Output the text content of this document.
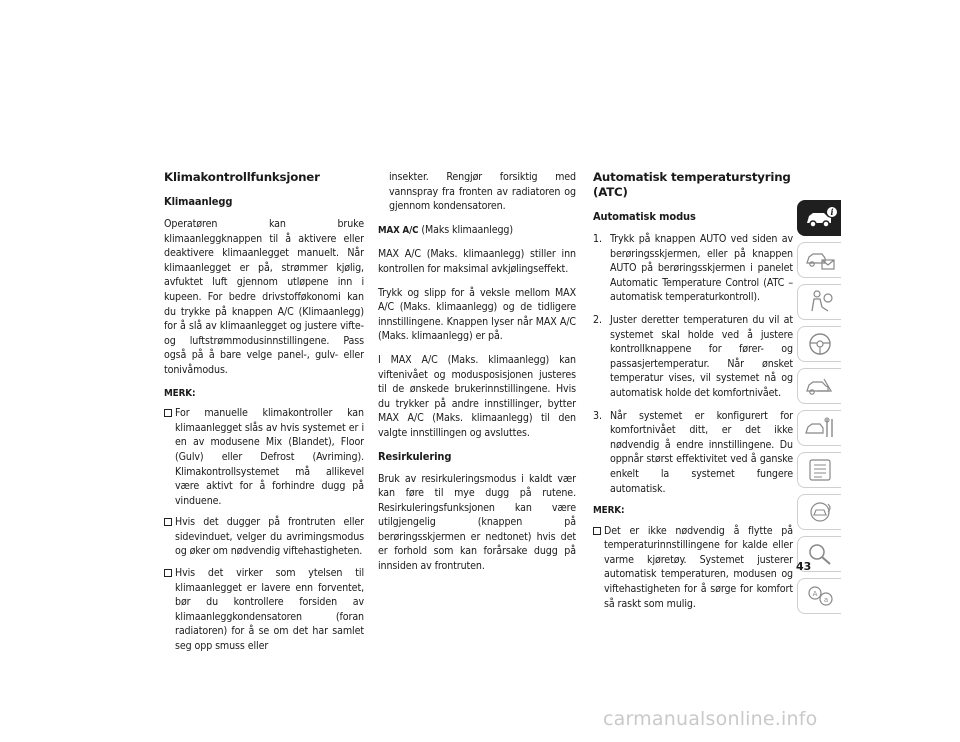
Klimakontrollfunksjoner
Klimaanlegg

Operatøren kan bruke klimaanleggknappen til å aktivere eller deaktivere klimaanlegget manuelt. Når klimaanlegget er på, strømmer kjølig, avfuktet luft gjennom utløpene inn i kupeen. For bedre drivstofføkonomi kan du trykke på knappen A/C (Klimaanlegg) for å slå av klimaanlegget og justere vifte- og luftstrømmodusinnstillingene. Pass også på å bare velge panel-, gulv- eller tonivåmodus.

MERK:
For manuelle klimakontroller kan klimaanlegget slås av hvis systemet er i en av modusene Mix (Blandet), Floor (Gulv) eller Defrost (Avriming). Klimakontrollsystemet må allikevel være aktivt for å forhindre dugg på vinduene.
Hvis det dugger på frontruten eller sidevinduet, velger du avrimingsmodus og øker om nødvendig viftehastigheten.
Hvis det virker som ytelsen til klimaanlegget er lavere enn forventet, bør du kontrollere forsiden av klimaanleggkondensatoren (foran radiatoren) for å se om det har samlet seg opp smuss eller
insekter. Rengjør forsiktig med vannspray fra fronten av radiatoren og gjennom kondensatoren.

MAX A/C (Maks klimaanlegg)

MAX A/C (Maks. klimaanlegg) stiller inn kontrollen for maksimal avkjølingseffekt.

Trykk og slipp for å veksle mellom MAX A/C (Maks. klimaanlegg) og de tidligere innstillingene. Knappen lyser når MAX A/C (Maks. klimaanlegg) er på.

I MAX A/C (Maks. klimaanlegg) kan viftenivået og modusposisjonen justeres til de ønskede brukerinnstillingene. Hvis du trykker på andre innstillinger, bytter MAX A/C (Maks. klimaanlegg) til den valgte innstillingen og avsluttes.

Resirkulering

Bruk av resirkuleringsmodus i kaldt vær kan føre til mye dugg på rutene. Resirkuleringsfunksjonen kan være utilgjengelig (knappen på berøringsskjermen er nedtonet) hvis det er forhold som kan forårsake dugg på innsiden av frontruten.

Automatisk temperaturstyring (ATC)
Automatisk modus
1. Trykk på knappen AUTO ved siden av berøringsskjermen, eller på knappen AUTO på berøringsskjermen i panelet Automatic Temperature Control (ATC – automatisk temperaturkontroll).
2. Juster deretter temperaturen du vil at systemet skal holde ved å justere kontrollknappene for fører- og passasjertemperatur. Når ønsket temperatur vises, vil systemet nå og automatisk holde det komfortnivået.
3. Når systemet er konfigurert for komfortnivået ditt, er det ikke nødvendig å endre innstillingene. Du oppnår størst effektivitet ved å ganske enkelt la systemet fungere automatisk.
MERK:
Det er ikke nødvendig å flytte på temperaturinnstillingene for kalde eller varme kjøretøy. Systemet justerer automatisk temperaturen, modusen og viftehastigheten for å sørge for komfort så raskt som mulig.
i
A
a
43
carmanualsonline.info
